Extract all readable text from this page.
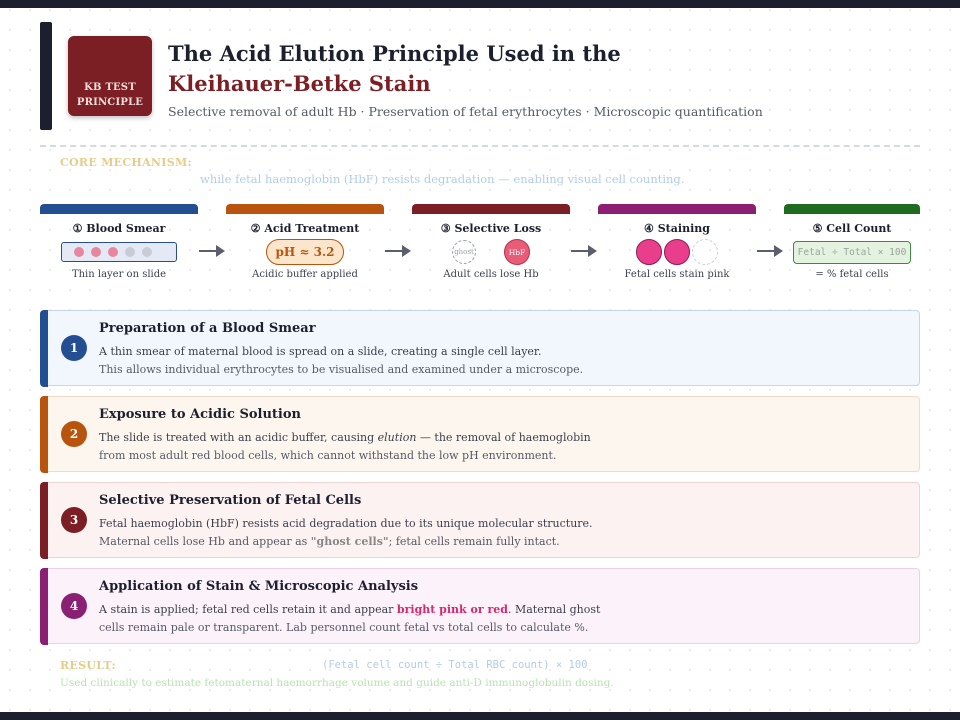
KB TEST
PRINCIPLE
The Acid Elution Principle Used in the
Kleihauer-Betke Stain
Selective removal of adult Hb · Preservation of fetal erythrocytes · Microscopic quantification
CORE MECHANISM:
while fetal haemoglobin (HbF) resists degradation — enabling visual cell counting.
① Blood Smear
Thin layer on slide
② Acid Treatment
pH ≈ 3.2
Acidic buffer applied
③ Selective Loss
ghost	HbF
Adult cells lose Hb
④ Staining
Fetal cells stain pink
⑤ Cell Count
Fetal ÷ Total × 100
= % fetal cells
1
Preparation of a Blood Smear
A thin smear of maternal blood is spread on a slide, creating a single cell layer.
This allows individual erythrocytes to be visualised and examined under a microscope.
2
Exposure to Acidic Solution
The slide is treated with an acidic buffer, causing elution — the removal of haemoglobin
from most adult red blood cells, which cannot withstand the low pH environment.
3
Selective Preservation of Fetal Cells
Fetal haemoglobin (HbF) resists acid degradation due to its unique molecular structure.
Maternal cells lose Hb and appear as "ghost cells"; fetal cells remain fully intact.
4
Application of Stain & Microscopic Analysis
A stain is applied; fetal red cells retain it and appear bright pink or red. Maternal ghost
cells remain pale or transparent. Lab personnel count fetal vs total cells to calculate %.
RESULT:	(Fetal cell count ÷ Total RBC count) × 100
Used clinically to estimate fetomaternal haemorrhage volume and guide anti-D immunoglobulin dosing.
